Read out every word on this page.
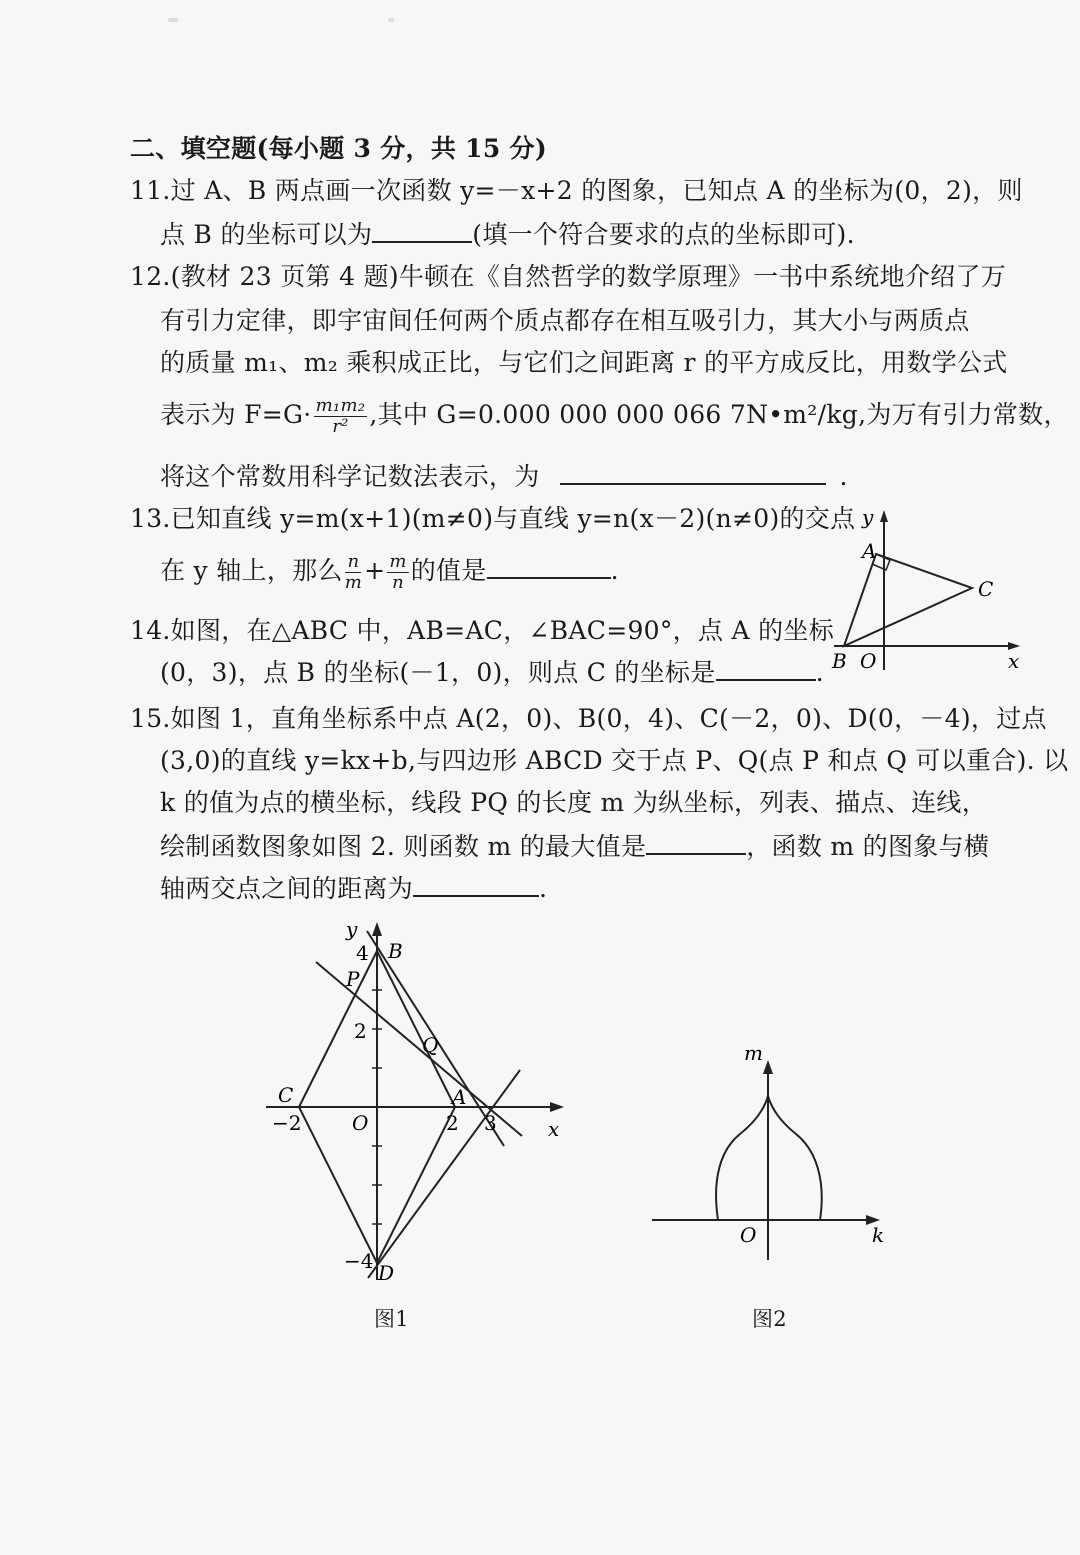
二、填空题(每小题 3 分，共 15 分)
11.过 A、B 两点画一次函数 y=－x+2 的图象，已知点 A 的坐标为(0，2)，则
点 B 的坐标可以为	(填一个符合要求的点的坐标即可).
12.(教材 23 页第 4 题)牛顿在《自然哲学的数学原理》一书中系统地介绍了万
有引力定律，即宇宙间任何两个质点都存在相互吸引力，其大小与两质点
的质量 m₁、m₂ 乘积成正比，与它们之间距离 r 的平方成反比，用数学公式
表示为 $F=G\cdot \frac{\text{m₁m₂}}{\text{r²}}$ ,其中 G=0.000 000 000 066 7N•m²/kg,为万有引力常数，
将这个常数用科学记数法表示，为	.
13.已知直线 y=m(x+1)(m≠0)与直线 y=n(x－2)(n≠0)的交点
在 y 轴上，那么 $\frac{n}{m} + \frac{m}{n}$ 的值是	.
14.如图，在△ABC 中，AB=AC，∠BAC=90°，点 A 的坐标
(0，3)，点 B 的坐标(－1，0)，则点 C 的坐标是	.
y
A
C
B O	x
15.如图 1，直角坐标系中点 A(2，0)、B(0，4)、C(－2，0)、D(0，－4)，过点
(3,0)的直线 y=kx+b,与四边形 ABCD 交于点 P、Q(点 P 和点 Q 可以重合). 以
k 的值为点的横坐标，线段 PQ 的长度 m 为纵坐标，列表、描点、连线，
绘制函数图象如图 2. 则函数 m 的最大值是	，函数 m 的图象与横
轴两交点之间的距离为	.
y
4 B
P
2
Q
C	A
−2	O	2 3	x
−4 D
图1
m
O	k
图2
